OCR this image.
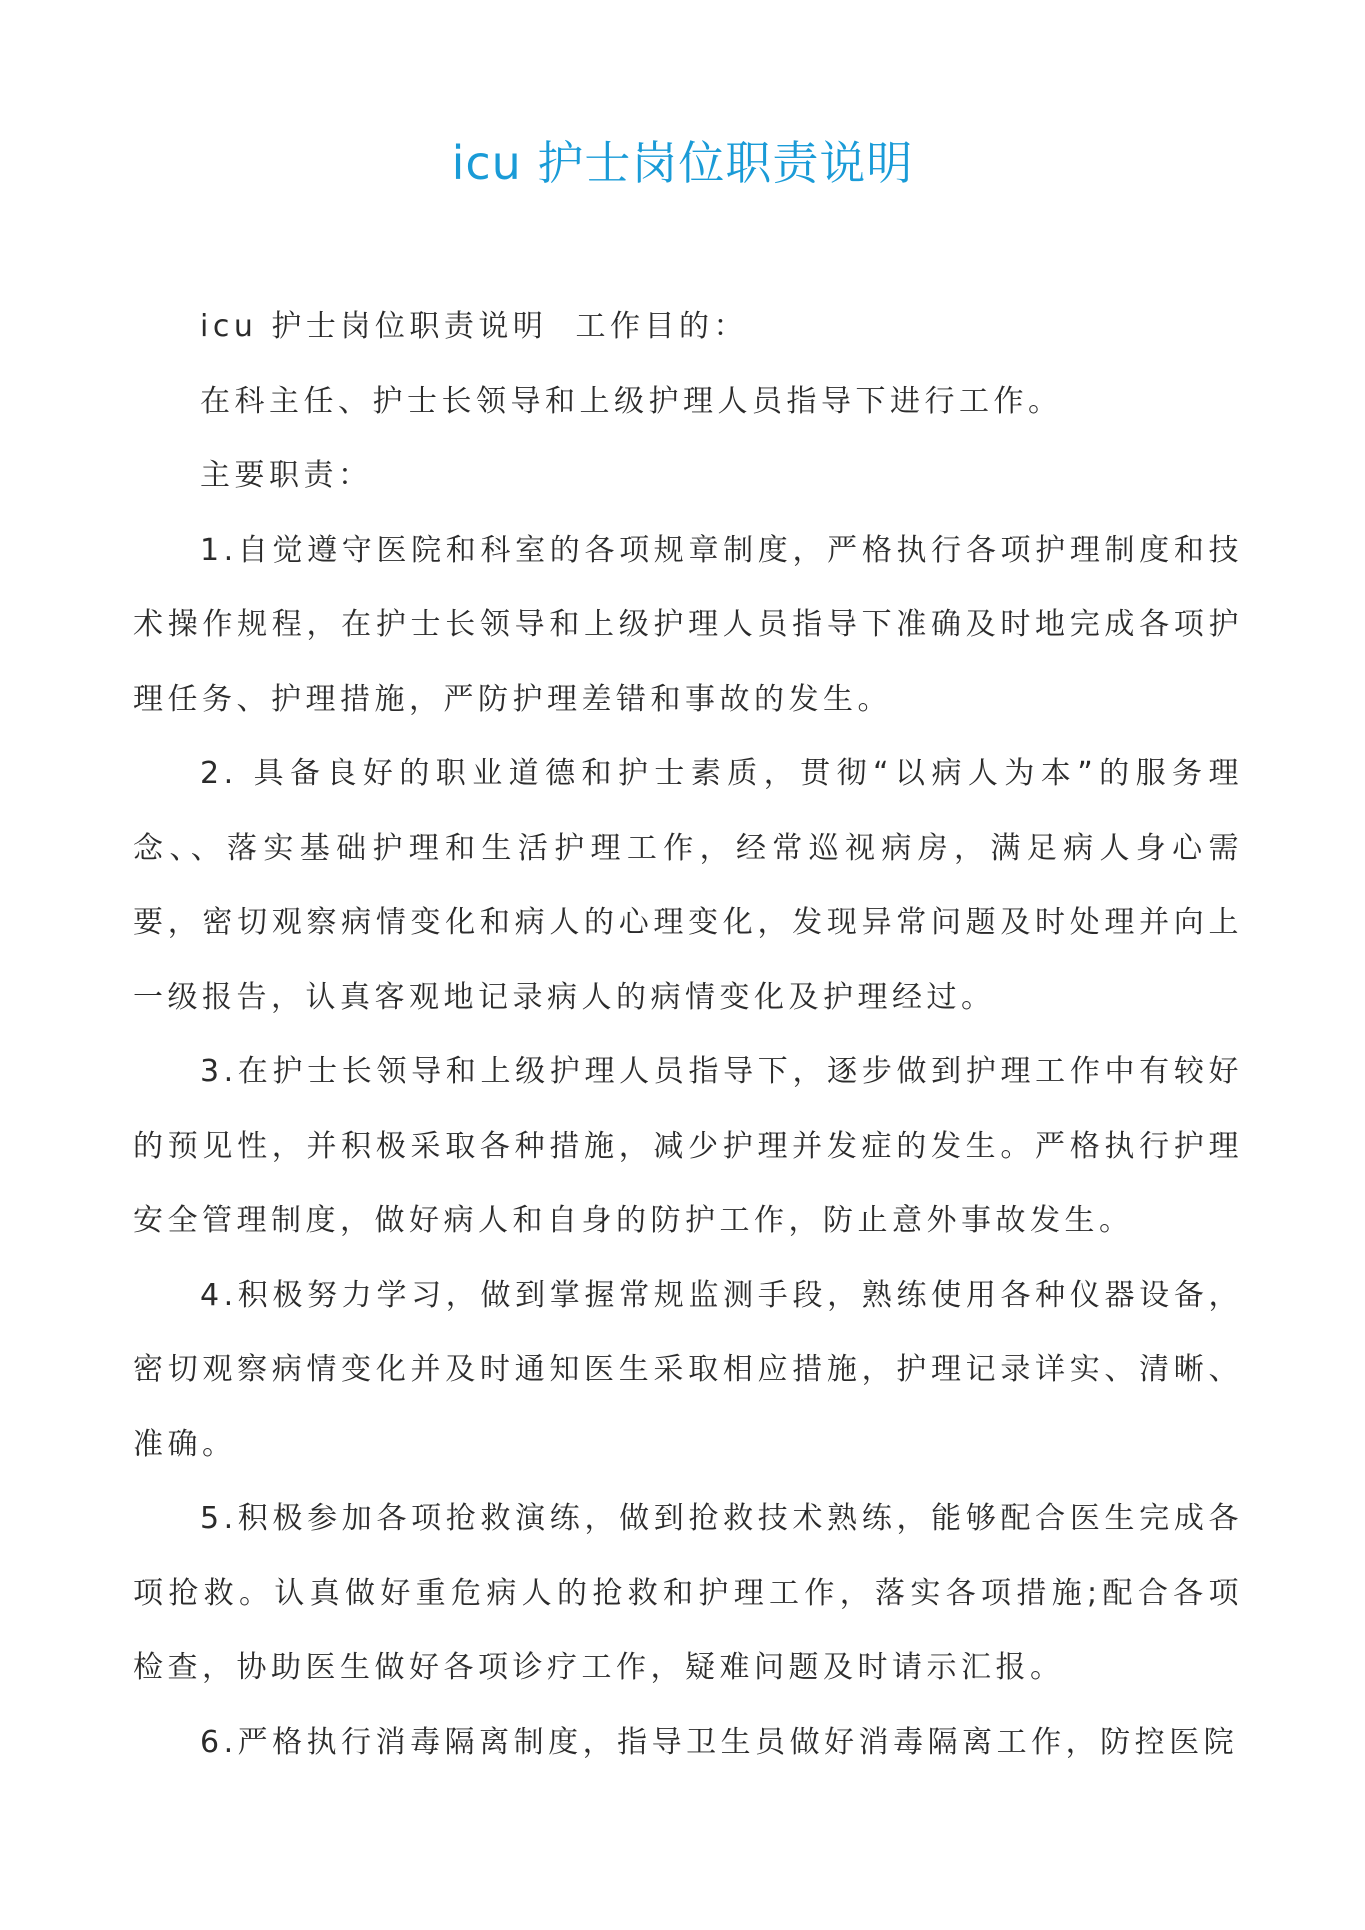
icu 护士岗位职责说明

icu 护士岗位职责说明  工作目的：

在科主任、护士长领导和上级护理人员指导下进行工作。

主要职责：

1.自觉遵守医院和科室的各项规章制度，严格执行各项护理制度和技术操作规程，在护士长领导和上级护理人员指导下准确及时地完成各项护理任务、护理措施，严防护理差错和事故的发生。

2. 具备良好的职业道德和护士素质，贯彻“以病人为本”的服务理念、、落实基础护理和生活护理工作，经常巡视病房，满足病人身心需要，密切观察病情变化和病人的心理变化，发现异常问题及时处理并向上一级报告，认真客观地记录病人的病情变化及护理经过。

3.在护士长领导和上级护理人员指导下，逐步做到护理工作中有较好的预见性，并积极采取各种措施，减少护理并发症的发生。严格执行护理安全管理制度，做好病人和自身的防护工作，防止意外事故发生。

4.积极努力学习，做到掌握常规监测手段，熟练使用各种仪器设备，密切观察病情变化并及时通知医生采取相应措施，护理记录详实、清晰、准确。

5.积极参加各项抢救演练，做到抢救技术熟练，能够配合医生完成各项抢救。认真做好重危病人的抢救和护理工作，落实各项措施;配合各项检查，协助医生做好各项诊疗工作，疑难问题及时请示汇报。

6.严格执行消毒隔离制度，指导卫生员做好消毒隔离工作，防控医院
